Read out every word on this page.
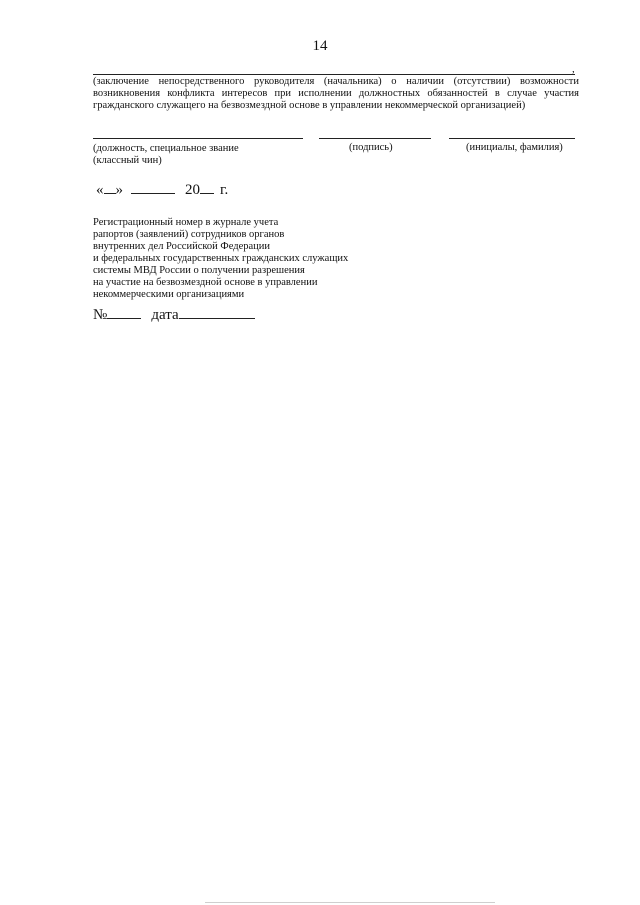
14
,
(заключение непосредственного руководителя (начальника) о наличии (отсутствии) возможности возникновения конфликта интересов при исполнении должностных обязанностей в случае участия гражданского служащего на безвозмездной основе в управлении некоммерческой организацией)
(должность, специальное звание
(классный чин)
(подпись)	(инициалы, фамилия)
« »	20 г.
Регистрационный номер в журнале учета
рапортов (заявлений) сотрудников органов
внутренних дел Российской Федерации
и федеральных государственных гражданских служащих
системы МВД России о получении разрешения
на участие на безвозмездной основе в управлении
некоммерческими организациями
№	дата
